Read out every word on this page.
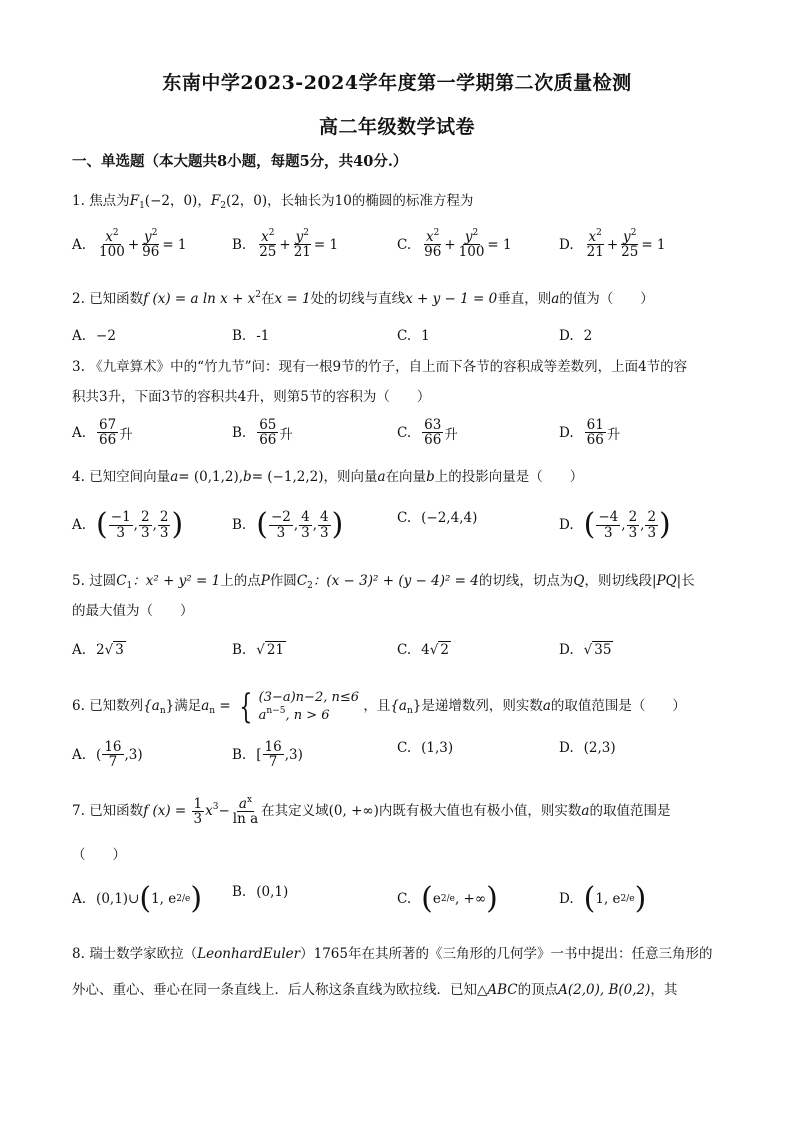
东南中学2023-2024学年度第一学期第二次质量检测
高二年级数学试卷
一、单选题（本大题共8小题，每题5分，共40分.）
1. 焦点为$F_1(-2$，0)，$F_2(2$，0)，长轴长为10的椭圆的标准方程为
A. $\frac{x^2}{100} + \frac{y^2}{96} = 1$	B. $\frac{x^2}{25} + \frac{y^2}{21} = 1$	C. $\frac{x^2}{96} + \frac{y^2}{100} = 1$	D. $\frac{x^2}{21} + \frac{y^2}{25} = 1$
2. 已知函数f (x) = a $\ln x + x^2$在x = 1处的切线与直线x + y − 1 = 0垂直，则a的值为（　　）
A. −2	B. -1	C. 1	D. 2
3. 《九章算术》中的“竹九节”问：现有一根9节的竹子，自上而下各节的容积成等差数列，上面4节的容
积共3升，下面3节的容积共4升，则第5节的容积为（　　）
A. $\frac{67}{66}$ 升	B. $\frac{65}{66}$ 升	C. $\frac{63}{66}$ 升	D. $\frac{61}{66}$ 升
4. 已知空间向量a= (0,1,2),b= (−1,2,2)，则向量a在向量b上的投影向量是（　　）
A. ( $\frac{-1}{3}$ , $\frac{2}{3}$ , $\frac{2}{3}$ )	B. ( $\frac{-2}{3}$ , $\frac{4}{3}$ , $\frac{4}{3}$ )	C. (−2,4,4)	D. ( $\frac{-4}{3}$ , $\frac{2}{3}$ , $\frac{2}{3}$ )
5. 过圆$C_1$：x² + y² = 1上的点P作圆$C_2$：(x − 3)² + (y − 4)² = 4的切线，切点为Q，则切线段|PQ|长
的最大值为（　　）
A. 2 √ 3	B. √ 21	C. 4 √ 2	D. √ 35
6. 已知数列$\{a_n\}$满足$a_n$ = { (3−a)n−2, n≤6
$a^{n-5}$, n > 6
，且$\{a_n\}$是递增数列，则实数a的取值范围是（　　）
A. ( $\frac{16}{7} ,3$)	B. [ $\frac{16}{7} ,3$)	C. (1,3)	D. (2,3)
7. 已知函数f $(x) = \frac{1}{3} x^3- \frac{a^x}{\text{ln a}}$ 在其定义域(0, +∞)内既有极大值也有极小值，则实数a的取值范围是
（　　）
A. (0,1)∪ ( 1, e 2/e ) B. (0,1)	C. ( e 2/e , +∞ )	D. ( 1, e 2/e )
8. 瑞士数学家欧拉（LeonhardEuler）1765年在其所著的《三角形的几何学》一书中提出：任意三角形的
外心、重心、垂心在同一条直线上．后人称这条直线为欧拉线．已知△ABC的顶点A(2,0), B(0,2)，其
